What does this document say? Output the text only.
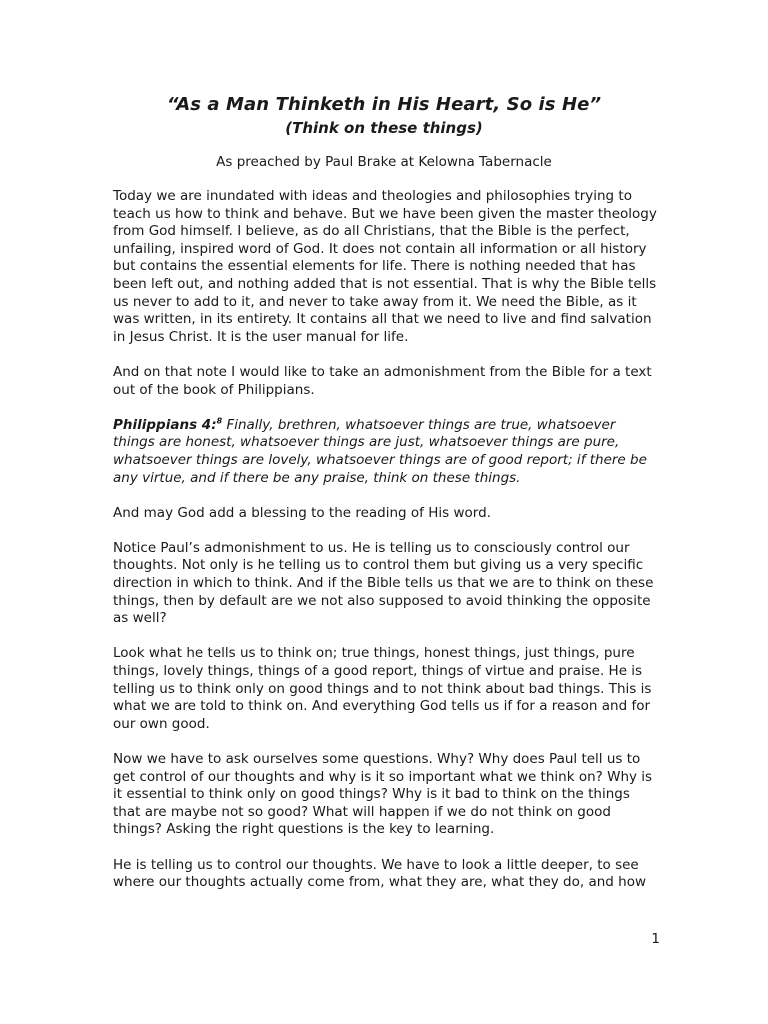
“As a Man Thinketh in His Heart, So is He”
(Think on these things)
As preached by Paul Brake at Kelowna Tabernacle

Today we are inundated with ideas and theologies and philosophies trying to teach us how to think and behave. But we have been given the master theology from God himself. I believe, as do all Christians, that the Bible is the perfect, unfailing, inspired word of God. It does not contain all information or all history but contains the essential elements for life. There is nothing needed that has been left out, and nothing added that is not essential. That is why the Bible tells us never to add to it, and never to take away from it. We need the Bible, as it was written, in its entirety. It contains all that we need to live and find salvation in Jesus Christ. It is the user manual for life.

And on that note I would like to take an admonishment from the Bible for a text out of the book of Philippians.

Philippians 4:$^8$ Finally, brethren, whatsoever things are true, whatsoever things are honest, whatsoever things are just, whatsoever things are pure, whatsoever things are lovely, whatsoever things are of good report; if there be any virtue, and if there be any praise, think on these things.

And may God add a blessing to the reading of His word.

Notice Paul’s admonishment to us. He is telling us to consciously control our thoughts. Not only is he telling us to control them but giving us a very specific direction in which to think. And if the Bible tells us that we are to think on these things, then by default are we not also supposed to avoid thinking the opposite as well?

Look what he tells us to think on; true things, honest things, just things, pure things, lovely things, things of a good report, things of virtue and praise. He is telling us to think only on good things and to not think about bad things. This is what we are told to think on. And everything God tells us if for a reason and for our own good.

Now we have to ask ourselves some questions. Why? Why does Paul tell us to get control of our thoughts and why is it so important what we think on? Why is it essential to think only on good things? Why is it bad to think on the things that are maybe not so good? What will happen if we do not think on good things? Asking the right questions is the key to learning.

He is telling us to control our thoughts. We have to look a little deeper, to see where our thoughts actually come from, what they are, what they do, and how

1
